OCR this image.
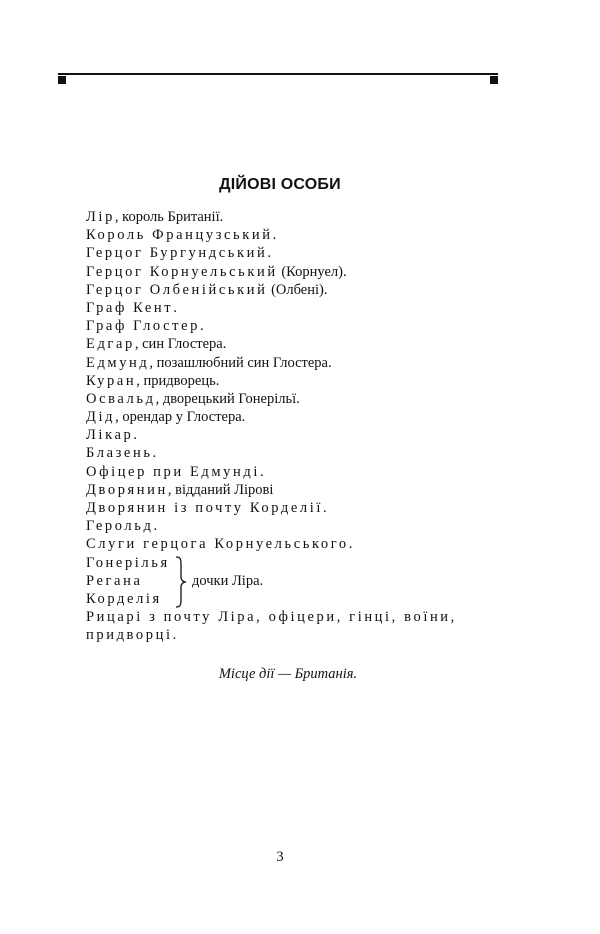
ДІЙОВІ ОСОБИ
Лір, король Британії.
Король Французський.
Герцог Бургундський.
Герцог Корнуельський (Корнуел).
Герцог Олбенійський (Олбені).
Граф Кент.
Граф Глостер.
Едгар, син Глостера.
Едмунд, позашлюбний син Глостера.
Куран, придворець.
Освальд, дворецький Гонерільї.
Дід, орендар у Глостера.
Лікар.
Блазень.
Офіцер при Едмунді.
Дворянин, відданий Лірові
Дворянин із почту Корделії.
Герольд.
Слуги герцога Корнуельського.
Гонерілья
Регана
Корделія
дочки Ліра.
Рицарі з почту Ліра, офіцери, гінці, воїни,
придворці.
Місце дії — Британія.
3
